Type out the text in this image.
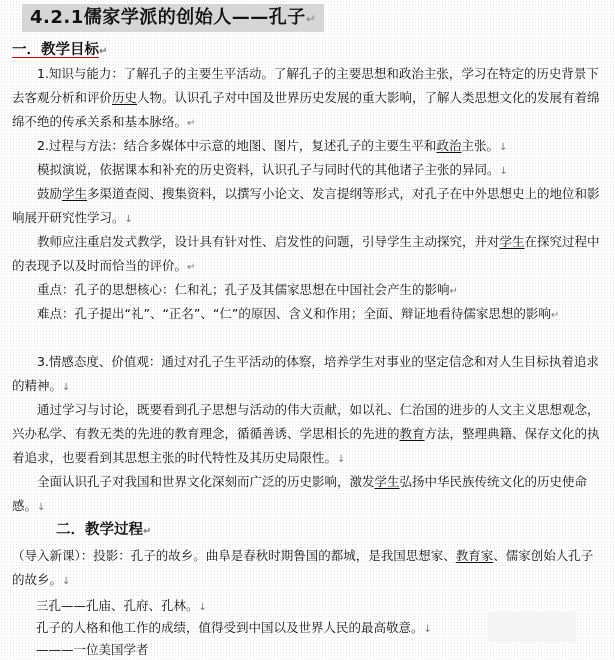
4.2.1儒家学派的创始人——孔子↵
一．教学目标↵
1.知识与能力：了解孔子的主要生平活动。了解孔子的主要思想和政治主张，学习在特定的历史背景下去客观分析和评价历史人物。认识孔子对中国及世界历史发展的重大影响，了解人类思想文化的发展有着绵绵不绝的传承关系和基本脉络。↵
2.过程与方法：结合多媒体中示意的地图、图片，复述孔子的主要生平和政治主张。↓
模拟演说，依据课本和补充的历史资料，认识孔子与同时代的其他诸子主张的异同。↓
鼓励学生多渠道查阅、搜集资料，以撰写小论文、发言提纲等形式，对孔子在中外思想史上的地位和影响展开研究性学习。↓
教师应注重启发式教学，设计具有针对性、启发性的问题，引导学生主动探究，并对学生在探究过程中的表现予以及时而恰当的评价。↵
重点：孔子的思想核心：仁和礼；孔子及其儒家思想在中国社会产生的影响↵
难点：孔子提出“礼”、“正名”、“仁”的原因、含义和作用；全面、辩证地看待儒家思想的影响↵
3.情感态度、价值观：通过对孔子生平活动的体察，培养学生对事业的坚定信念和对人生目标执着追求的精神。↓
通过学习与讨论，既要看到孔子思想与活动的伟大贡献，如以礼、仁治国的进步的人文主义思想观念，兴办私学、有教无类的先进的教育理念，循循善诱、学思相长的先进的教育方法，整理典籍、保存文化的执着追求，也要看到其思想主张的时代特性及其历史局限性。↓
全面认识孔子对我国和世界文化深刻而广泛的历史影响，激发学生弘扬中华民族传统文化的历史使命感。↓
二．教学过程↵
（导入新课）：投影：孔子的故乡。曲阜是春秋时期鲁国的都城，是我国思想家、教育家、儒家创始人孔子的故乡。↓
三孔——孔庙、孔府、孔林。↓
孔子的人格和他工作的成绩，值得受到中国以及世界人民的最高敬意。↓
———一位美国学者
